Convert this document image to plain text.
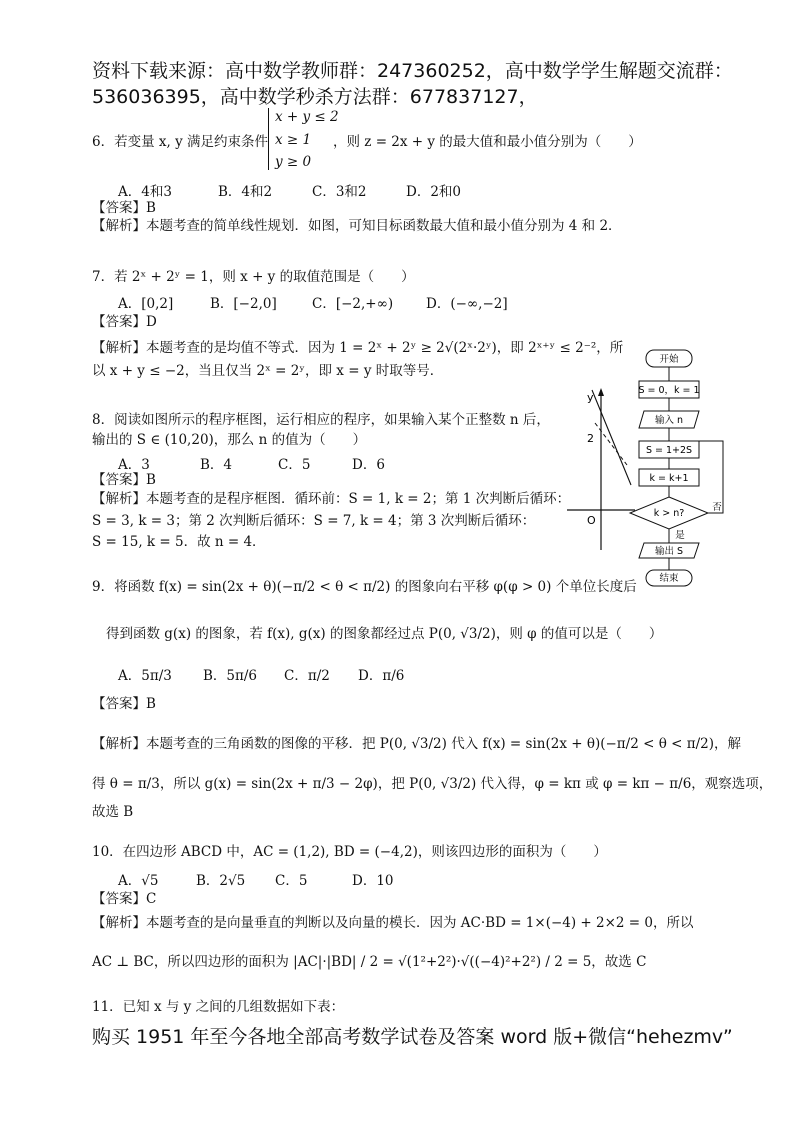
资料下载来源：高中数学教师群：247360252，高中数学学生解题交流群：
536036395，高中数学秒杀方法群：677837127，
x + y ≤ 2
x ≥ 1
y ≥ 0
6．若变量 x, y 满足约束条件	，则 z = 2x + y 的最大值和最小值分别为（　　）
A．4和3	B．4和2	C．3和2	D．2和0
【答案】B
【解析】本题考查的简单线性规划．如图，可知目标函数最大值和最小值分别为 4 和 2．
7．若 2ˣ + 2ʸ = 1，则 x + y 的取值范围是（　　）
A．[0,2]	B．[−2,0]	C．[−2,+∞) D．(−∞,−2]
【答案】D
【解析】本题考查的是均值不等式．因为 1 = 2ˣ + 2ʸ ≥ 2√(2ˣ·2ʸ)，即 2ˣ⁺ʸ ≤ 2⁻²，所
以 x + y ≤ −2，当且仅当 2ˣ = 2ʸ，即 x = y 时取等号．
y
2
O
开始
S = 0，k = 1
输入 n
S = 1+2S
k = k+1
k > n?
否
是
输出 S
结束
8．阅读如图所示的程序框图，运行相应的程序，如果输入某个正整数 n 后，
输出的 S ∈ (10,20)，那么 n 的值为（　　）
A．3	B．4	C．5	D．6
【答案】B
【解析】本题考查的是程序框图．循环前：S = 1, k = 2；第 1 次判断后循环：
S = 3, k = 3；第 2 次判断后循环：S = 7, k = 4；第 3 次判断后循环：
S = 15, k = 5．故 n = 4．
9．将函数 f(x) = sin(2x + θ)(−π/2 < θ < π/2) 的图象向右平移 φ(φ > 0) 个单位长度后
得到函数 g(x) 的图象，若 f(x), g(x) 的图象都经过点 P(0, √3/2)，则 φ 的值可以是（　　）
A．5π/3 B．5π/6 C．π/2 D．π/6
【答案】B
【解析】本题考查的三角函数的图像的平移．把 P(0, √3/2) 代入 f(x) = sin(2x + θ)(−π/2 < θ < π/2)，解
得 θ = π/3，所以 g(x) = sin(2x + π/3 − 2φ)，把 P(0, √3/2) 代入得，φ = kπ 或 φ = kπ − π/6，观察选项，
故选 B
10．在四边形 ABCD 中，AC = (1,2), BD = (−4,2)，则该四边形的面积为（　　）
A．√5	B．2√5 C．5	D．10
【答案】C
【解析】本题考查的是向量垂直的判断以及向量的模长．因为 AC·BD = 1×(−4) + 2×2 = 0，所以
AC ⊥ BC，所以四边形的面积为 |AC|·|BD| / 2 = √(1²+2²)·√((−4)²+2²) / 2 = 5，故选 C
11．已知 x 与 y 之间的几组数据如下表：
购买 1951 年至今各地全部高考数学试卷及答案 word 版+微信“hehezmv”
